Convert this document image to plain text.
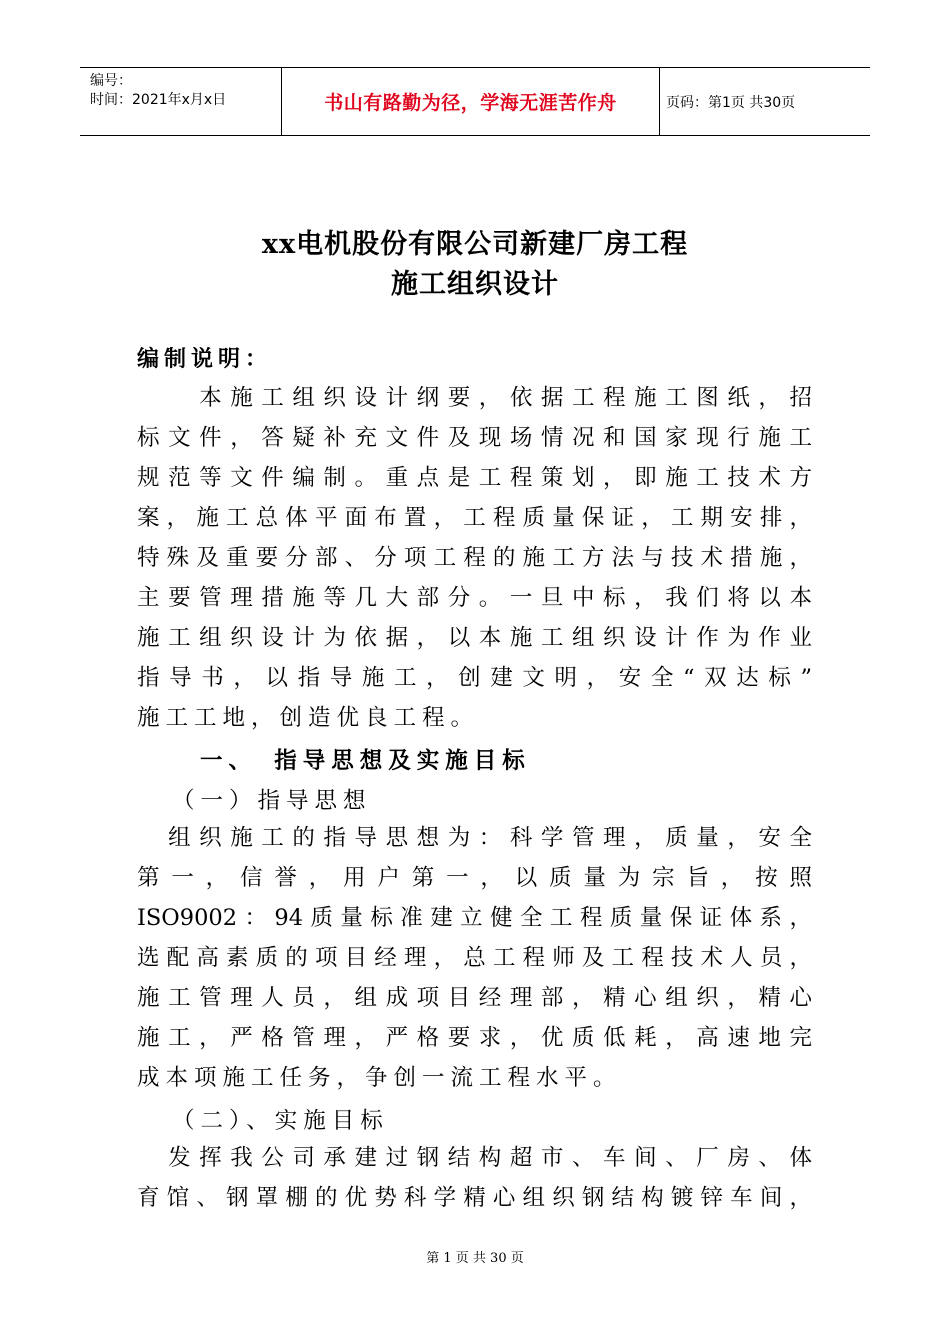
编号：
时间：2021年x月x日	书山有路勤为径，学海无涯苦作舟	页码：第1页 共30页
xx电机股份有限公司新建厂房工程
施工组织设计
编制说明：
　　本施工组织设计纲要，依据工程施工图纸，招
标文件，答疑补充文件及现场情况和国家现行施工
规范等文件编制。重点是工程策划，即施工技术方
案，施工总体平面布置，工程质量保证，工期安排，
特殊及重要分部、分项工程的施工方法与技术措施，
主要管理措施等几大部分。一旦中标，我们将以本
施工组织设计为依据，以本施工组织设计作为作业
指导书，以指导施工，创建文明，安全“双达标”
施工工地，创造优良工程。
一、　指导思想及实施目标
（一）指导思想
　组织施工的指导思想为：科学管理，质量，安全
第一，信誉，用户第一，以质量为宗旨，按照
ISO9002：94质量标准建立健全工程质量保证体系，
选配高素质的项目经理，总工程师及工程技术人员，
施工管理人员，组成项目经理部，精心组织，精心
施工，严格管理，严格要求，优质低耗，高速地完
成本项施工任务，争创一流工程水平。
（二）、实施目标
　发挥我公司承建过钢结构超市、车间、厂房、体
育馆、钢罩棚的优势科学精心组织钢结构镀锌车间，
第 1 页 共 30 页
